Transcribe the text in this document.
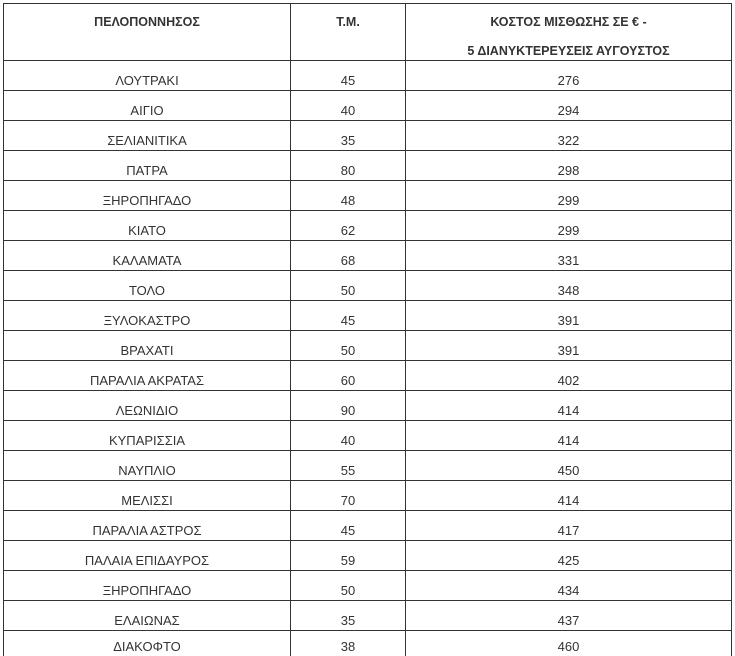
ΠΕΛΟΠΟΝΝΗΣΟΣ	Τ.Μ.	ΚΟΣΤΟΣ ΜΙΣΘΩΣΗΣ ΣΕ € -
5 ΔΙΑΝΥΚΤΕΡΕΥΣΕΙΣ ΑΥΓΟΥΣΤΟΣ

ΛΟΥΤΡΑΚΙ	45	276
ΑΙΓΙΟ	40	294
ΣΕΛΙΑΝΙΤΙΚΑ	35	322
ΠΑΤΡΑ	80	298
ΞΗΡΟΠΗΓΑΔΟ	48	299
ΚΙΑΤΟ	62	299
ΚΑΛΑΜΑΤΑ	68	331
ΤΟΛΟ	50	348
ΞΥΛΟΚΑΣΤΡΟ	45	391
ΒΡΑΧΑΤΙ	50	391
ΠΑΡΑΛΙΑ ΑΚΡΑΤΑΣ	60	402
ΛΕΩΝΙΔΙΟ	90	414
ΚΥΠΑΡΙΣΣΙΑ	40	414
ΝΑΥΠΛΙΟ	55	450
ΜΕΛΙΣΣΙ	70	414
ΠΑΡΑΛΙΑ ΑΣΤΡΟΣ	45	417
ΠΑΛΑΙΑ ΕΠΙΔΑΥΡΟΣ	59	425
ΞΗΡΟΠΗΓΑΔΟ	50	434
ΕΛΑΙΩΝΑΣ	35	437
ΔΙΑΚΟΦΤΟ	38	460
